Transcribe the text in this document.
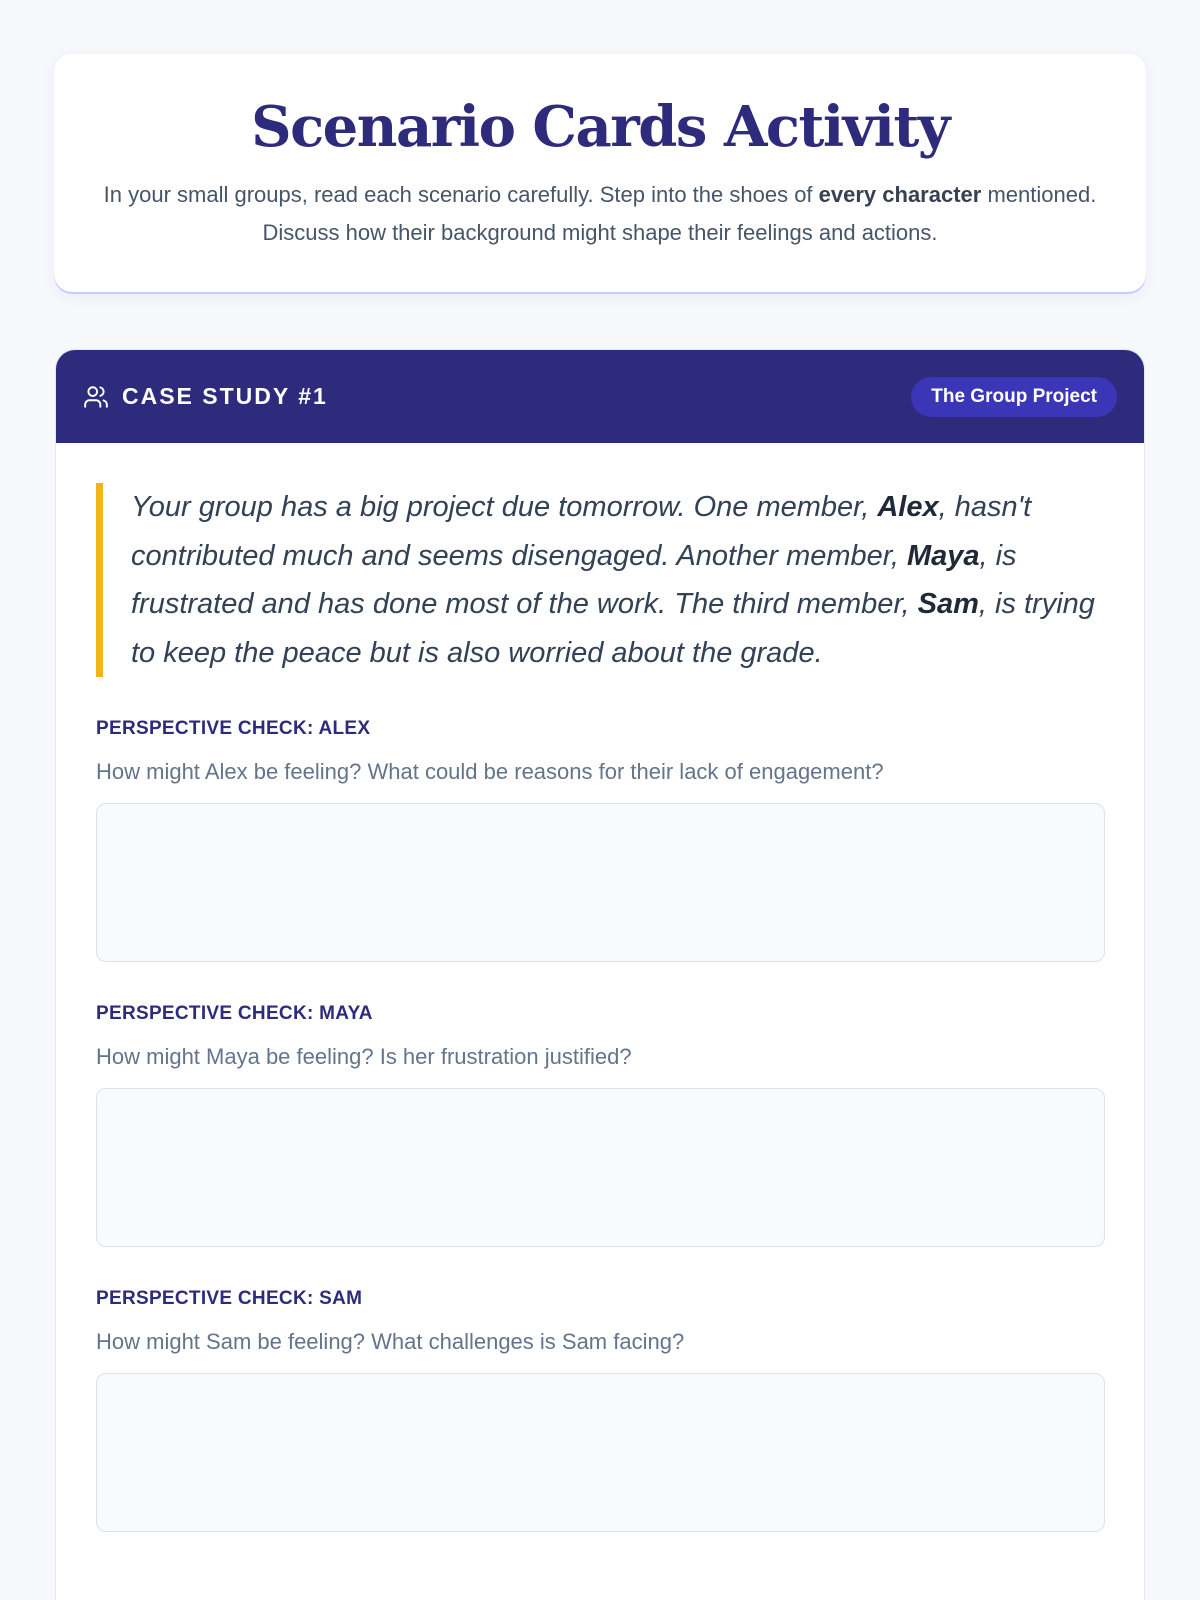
Scenario Cards Activity

In your small groups, read each scenario carefully. Step into the shoes of every character mentioned. Discuss how their background might shape their feelings and actions.

CASE STUDY #1	The Group Project
Your group has a big project due tomorrow. One member, Alex, hasn't contributed much and seems disengaged. Another member, Maya, is frustrated and has done most of the work. The third member, Sam, is trying to keep the peace but is also worried about the grade.
PERSPECTIVE CHECK: ALEX
How might Alex be feeling? What could be reasons for their lack of engagement?
PERSPECTIVE CHECK: MAYA
How might Maya be feeling? Is her frustration justified?
PERSPECTIVE CHECK: SAM
How might Sam be feeling? What challenges is Sam facing?
